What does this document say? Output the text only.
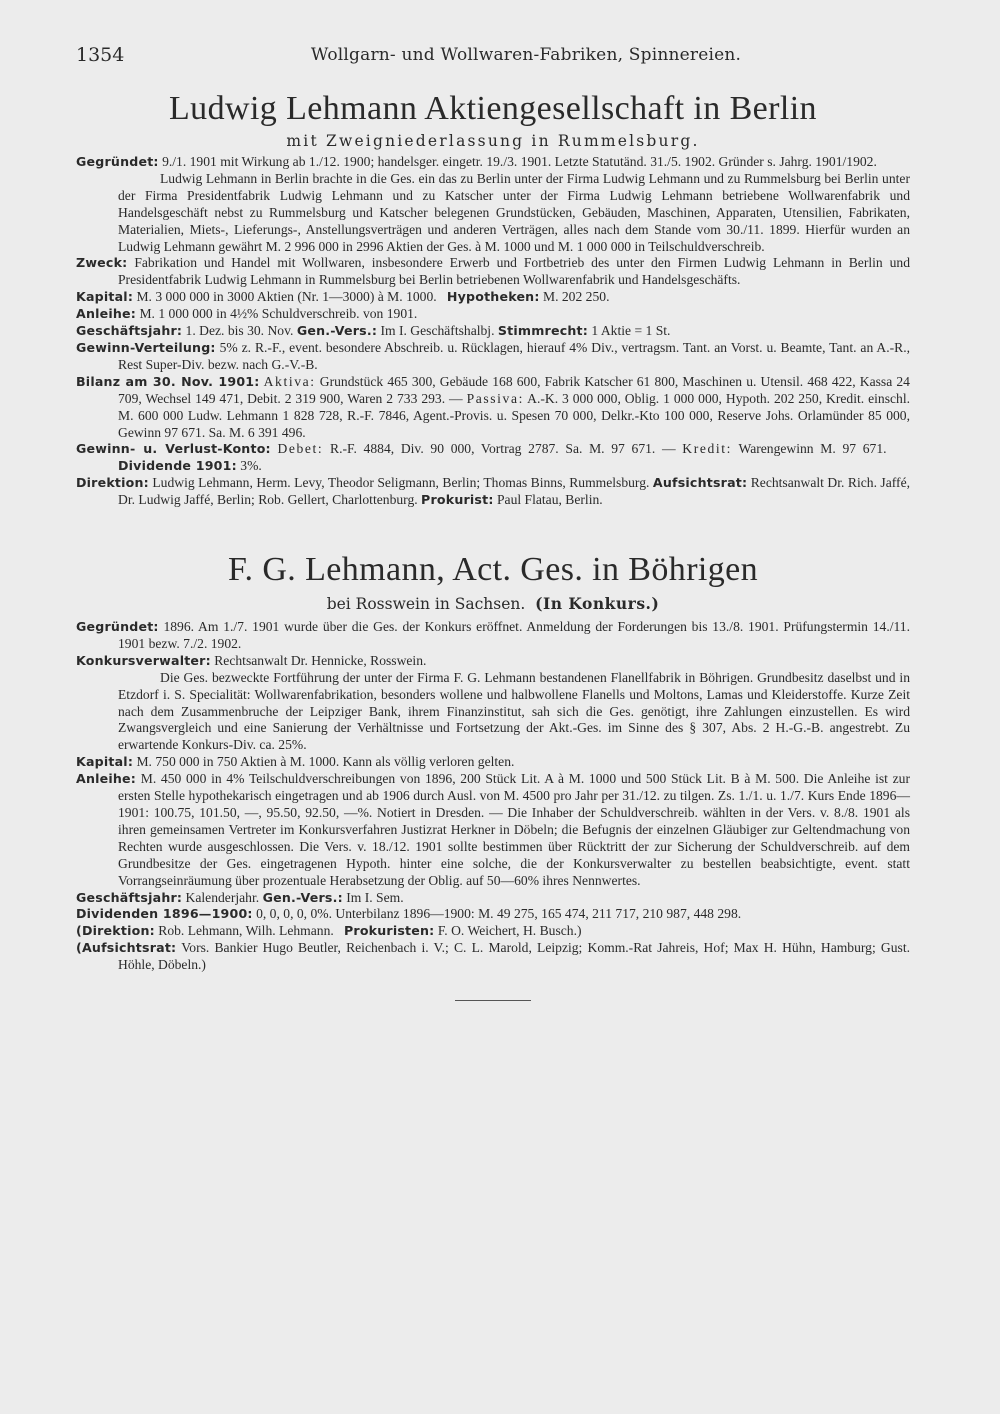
1354	Wollgarn- und Wollwaren-Fabriken, Spinnereien.
Ludwig Lehmann Aktiengesellschaft in Berlin
mit Zweigniederlassung in Rummelsburg.

Gegründet: 9./1. 1901 mit Wirkung ab 1./12. 1900; handelsger. eingetr. 19./3. 1901. Letzte Statutänd. 31./5. 1902. Gründer s. Jahrg. 1901/1902.

Ludwig Lehmann in Berlin brachte in die Ges. ein das zu Berlin unter der Firma Ludwig Lehmann und zu Rummelsburg bei Berlin unter der Firma Presidentfabrik Ludwig Lehmann und zu Katscher unter der Firma Ludwig Lehmann betriebene Wollwarenfabrik und Handelsgeschäft nebst zu Rummelsburg und Katscher belegenen Grundstücken, Gebäuden, Maschinen, Apparaten, Utensilien, Fabrikaten, Materialien, Miets-, Lieferungs-, Anstellungsverträgen und anderen Verträgen, alles nach dem Stande vom 30./11. 1899. Hierfür wurden an Ludwig Lehmann gewährt M. 2 996 000 in 2996 Aktien der Ges. à M. 1000 und M. 1 000 000 in Teilschuldverschreib.

Zweck: Fabrikation und Handel mit Wollwaren, insbesondere Erwerb und Fortbetrieb des unter den Firmen Ludwig Lehmann in Berlin und Presidentfabrik Ludwig Lehmann in Rummelsburg bei Berlin betriebenen Wollwarenfabrik und Handelsgeschäfts.

Kapital: M. 3 000 000 in 3000 Aktien (Nr. 1—3000) à M. 1000. Hypotheken: M. 202 250.

Anleihe: M. 1 000 000 in 4½% Schuldverschreib. von 1901.

Geschäftsjahr: 1. Dez. bis 30. Nov. Gen.-Vers.: Im I. Geschäftshalbj. Stimmrecht: 1 Aktie = 1 St.

Gewinn-Verteilung: 5% z. R.-F., event. besondere Abschreib. u. Rücklagen, hierauf 4% Div., vertragsm. Tant. an Vorst. u. Beamte, Tant. an A.-R., Rest Super-Div. bezw. nach G.-V.-B.

Bilanz am 30. Nov. 1901: Aktiva: Grundstück 465 300, Gebäude 168 600, Fabrik Katscher 61 800, Maschinen u. Utensil. 468 422, Kassa 24 709, Wechsel 149 471, Debit. 2 319 900, Waren 2 733 293. — Passiva: A.-K. 3 000 000, Oblig. 1 000 000, Hypoth. 202 250, Kredit. einschl. M. 600 000 Ludw. Lehmann 1 828 728, R.-F. 7846, Agent.-Provis. u. Spesen 70 000, Delkr.-Kto 100 000, Reserve Johs. Orlamünder 85 000, Gewinn 97 671. Sa. M. 6 391 496.

Gewinn- u. Verlust-Konto: Debet: R.-F. 4884, Div. 90 000, Vortrag 2787. Sa. M. 97 671. — Kredit: Warengewinn M. 97 671.     Dividende 1901: 3%.

Direktion: Ludwig Lehmann, Herm. Levy, Theodor Seligmann, Berlin; Thomas Binns, Rummelsburg. Aufsichtsrat: Rechtsanwalt Dr. Rich. Jaffé, Dr. Ludwig Jaffé, Berlin; Rob. Gellert, Charlottenburg. Prokurist: Paul Flatau, Berlin.

F. G. Lehmann, Act. Ges. in Böhrigen
bei Rosswein in Sachsen. (In Konkurs.)

Gegründet: 1896. Am 1./7. 1901 wurde über die Ges. der Konkurs eröffnet. Anmeldung der Forderungen bis 13./8. 1901. Prüfungstermin 14./11. 1901 bezw. 7./2. 1902.

Konkursverwalter: Rechtsanwalt Dr. Hennicke, Rosswein.

Die Ges. bezweckte Fortführung der unter der Firma F. G. Lehmann bestandenen Flanellfabrik in Böhrigen. Grundbesitz daselbst und in Etzdorf i. S. Specialität: Wollwarenfabrikation, besonders wollene und halbwollene Flanells und Moltons, Lamas und Kleiderstoffe. Kurze Zeit nach dem Zusammenbruche der Leipziger Bank, ihrem Finanzinstitut, sah sich die Ges. genötigt, ihre Zahlungen einzustellen. Es wird Zwangsvergleich und eine Sanierung der Verhältnisse und Fortsetzung der Akt.-Ges. im Sinne des § 307, Abs. 2 H.-G.-B. angestrebt. Zu erwartende Konkurs-Div. ca. 25%.

Kapital: M. 750 000 in 750 Aktien à M. 1000. Kann als völlig verloren gelten.

Anleihe: M. 450 000 in 4% Teilschuldverschreibungen von 1896, 200 Stück Lit. A à M. 1000 und 500 Stück Lit. B à M. 500. Die Anleihe ist zur ersten Stelle hypothekarisch eingetragen und ab 1906 durch Ausl. von M. 4500 pro Jahr per 31./12. zu tilgen. Zs. 1./1. u. 1./7. Kurs Ende 1896—1901: 100.75, 101.50, —, 95.50, 92.50, —%. Notiert in Dresden. — Die Inhaber der Schuldverschreib. wählten in der Vers. v. 8./8. 1901 als ihren gemeinsamen Vertreter im Konkursverfahren Justizrat Herkner in Döbeln; die Befugnis der einzelnen Gläubiger zur Geltendmachung von Rechten wurde ausgeschlossen. Die Vers. v. 18./12. 1901 sollte bestimmen über Rücktritt der zur Sicherung der Schuldverschreib. auf dem Grundbesitze der Ges. eingetragenen Hypoth. hinter eine solche, die der Konkursverwalter zu bestellen beabsichtigte, event. statt Vorrangseinräumung über prozentuale Herabsetzung der Oblig. auf 50—60% ihres Nennwertes.

Geschäftsjahr: Kalenderjahr. Gen.-Vers.: Im I. Sem.

Dividenden 1896—1900: 0, 0, 0, 0, 0%. Unterbilanz 1896—1900: M. 49 275, 165 474, 211 717, 210 987, 448 298.

(Direktion: Rob. Lehmann, Wilh. Lehmann. Prokuristen: F. O. Weichert, H. Busch.)

(Aufsichtsrat: Vors. Bankier Hugo Beutler, Reichenbach i. V.; C. L. Marold, Leipzig; Komm.-Rat Jahreis, Hof; Max H. Hühn, Hamburg; Gust. Höhle, Döbeln.)
